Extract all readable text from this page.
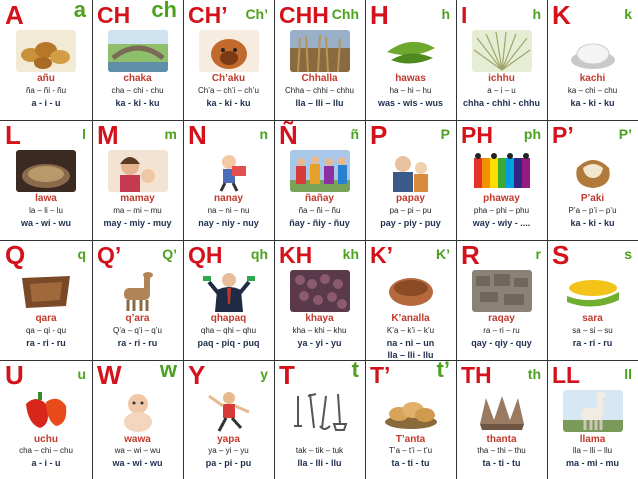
A a
añu
ña – ñi - ñu
a - i - u
CH ch
chaka
cha – chi - chu
ka - ki - ku
CH’ Ch’
Ch’aku
Ch’a – ch’i – ch’u
ka - ki - ku
CHH Chh
Chhalla
Chha – chhi – chhu
lla – lli – llu
H	h
hawas
ha – hi – hu
was - wis - wus
I	h
ichhu
a – i – u
chha - chhi - chhu
K	k
kachi
ka – chi – chu
ka - ki - ku
L	l
lawa
la – li – lu
wa - wi - wu
M	m
mamay
ma – mi – mu
may - miy - muy
N	n
nanay
na – ni – nu
nay - niy - nuy
Ñ	ñ
ñañay
ña – ñi – ñu
ñay - ñiy - ñuy
P	P
papay
pa – pi – pu
pay - piy - puy
PH ph
phaway
pha – phi – phu
way - wiy - ....
P’	P’
P’aki
P’a – p’i – p’u
ka - ki - ku
Q	q
qara
qa – qi - qu
ra - ri - ru
Q’	Q’
q’ara
Q’a – q’i – q’u
ra - ri - ru
QH qh
qhapaq
qha – qhi – qhu
paq - piq - puq
KH kh
khaya
kha – khi – khu
ya - yi - yu
K’	K’
K’analla
K’a – k’i – k’u
na - ni – un
lla – lli - llu
R	r
raqay
ra – ri – ru
qay - qiy - quy
S	s
sara
sa – si – su
ra - ri - ru
U	u
uchu
cha – chi – chu
a - i - u
W w
wawa
wa – wi – wu
wa - wi - wu
Y	y
yapa
ya – yi – yu
pa - pi - pu
T	t
tak – tik – tuk
lla - lli - llu
T’ t’
T’anta
T’a – t’i – t’u
ta - ti - tu
TH	th
thanta
tha – thi – thu
ta - ti - tu
LL	ll
llama
lla – lli – llu
ma - mi - mu
